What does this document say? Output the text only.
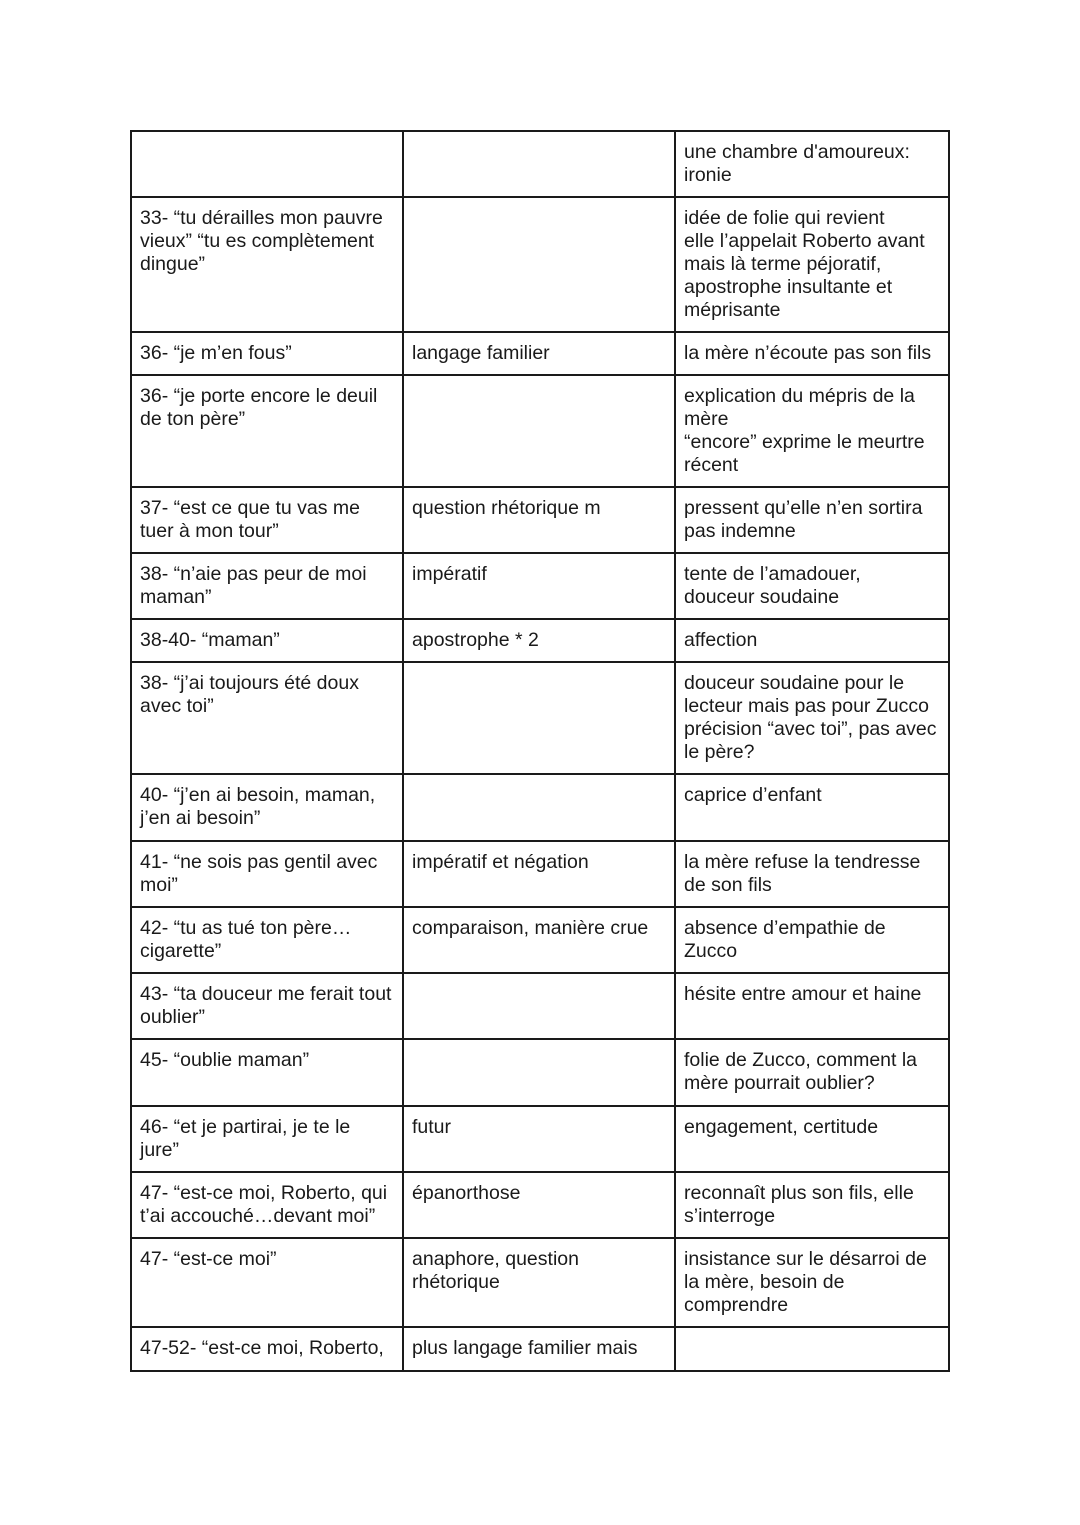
		une chambre d'amoureux:
ironie
33- “tu dérailles mon pauvre vieux” “tu es complètement dingue”		idée de folie qui revient
elle l’appelait Roberto avant mais là terme péjoratif, apostrophe insultante et méprisante
36- “je m’en fous”	langage familier	la mère n’écoute pas son fils
36- “je porte encore le deuil de ton père”		explication du mépris de la mère
“encore” exprime le meurtre récent
37- “est ce que tu vas me tuer à mon tour”	question rhétorique m	pressent qu’elle n’en sortira pas indemne
38- “n’aie pas peur de moi maman”	impératif	tente de l’amadouer,
douceur soudaine
38-40- “maman”	apostrophe * 2	affection
38- “j’ai toujours été doux avec toi”		douceur soudaine pour le lecteur mais pas pour Zucco
précision “avec toi”, pas avec le père?
40- “j’en ai besoin, maman, j’en ai besoin”		caprice d’enfant
41- “ne sois pas gentil avec moi”	impératif et négation	la mère refuse la tendresse de son fils
42- “tu as tué ton père…cigarette”	comparaison, manière crue	absence d’empathie de Zucco
43- “ta douceur me ferait tout oublier”		hésite entre amour et haine
45- “oublie maman”		folie de Zucco, comment la mère pourrait oublier?
46- “et je partirai, je te le jure”	futur	engagement, certitude
47- “est-ce moi, Roberto, qui t’ai accouché…devant moi”	épanorthose	reconnaît plus son fils, elle s’interroge
47- “est-ce moi”	anaphore, question rhétorique	insistance sur le désarroi de la mère, besoin de comprendre
47-52- “est-ce moi, Roberto,	plus langage familier mais	
